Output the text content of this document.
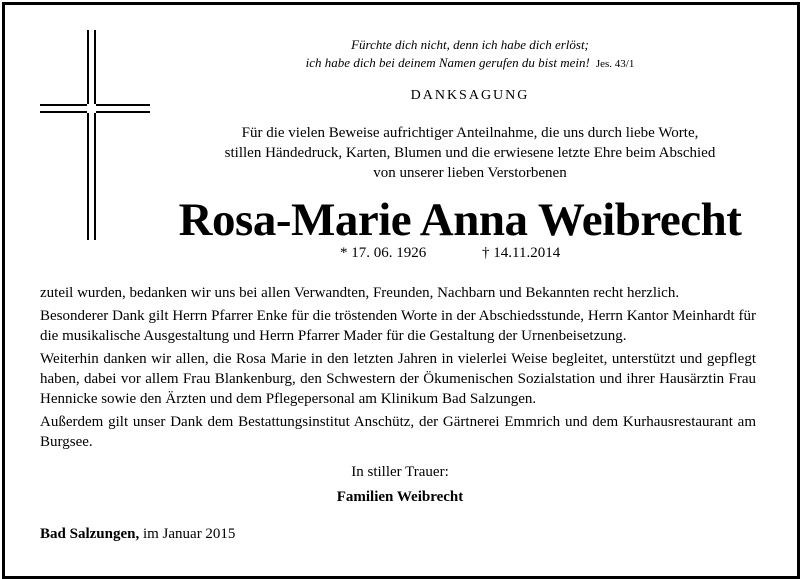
Fürchte dich nicht, denn ich habe dich erlöst;
ich habe dich bei deinem Namen gerufen du bist mein! Jes. 43/1
DANKSAGUNG
Für die vielen Beweise aufrichtiger Anteilnahme, die uns durch liebe Worte,
stillen Händedruck, Karten, Blumen und die erwiesene letzte Ehre beim Abschied
von unserer lieben Verstorbenen
Rosa-Marie Anna Weibrecht
* 17. 06. 1926	† 14.11.2014

zuteil wurden, bedanken wir uns bei allen Verwandten, Freunden, Nachbarn und Bekannten recht herzlich.

Besonderer Dank gilt Herrn Pfarrer Enke für die tröstenden Worte in der Abschiedsstunde, Herrn Kantor Meinhardt für die musikalische Ausgestaltung und Herrn Pfarrer Mader für die Gestaltung der Urnenbeisetzung.

Weiterhin danken wir allen, die Rosa Marie in den letzten Jahren in vielerlei Weise begleitet, unterstützt und gepflegt haben, dabei vor allem Frau Blankenburg, den Schwestern der Ökumenischen Sozialstation und ihrer Hausärztin Frau Hennicke sowie den Ärzten und dem Pflegepersonal am Klinikum Bad Salzungen.

Außerdem gilt unser Dank dem Bestattungsinstitut Anschütz, der Gärtnerei Emmrich und dem Kurhausrestaurant am Burgsee.

In stiller Trauer:
Familien Weibrecht
Bad Salzungen, im Januar 2015
